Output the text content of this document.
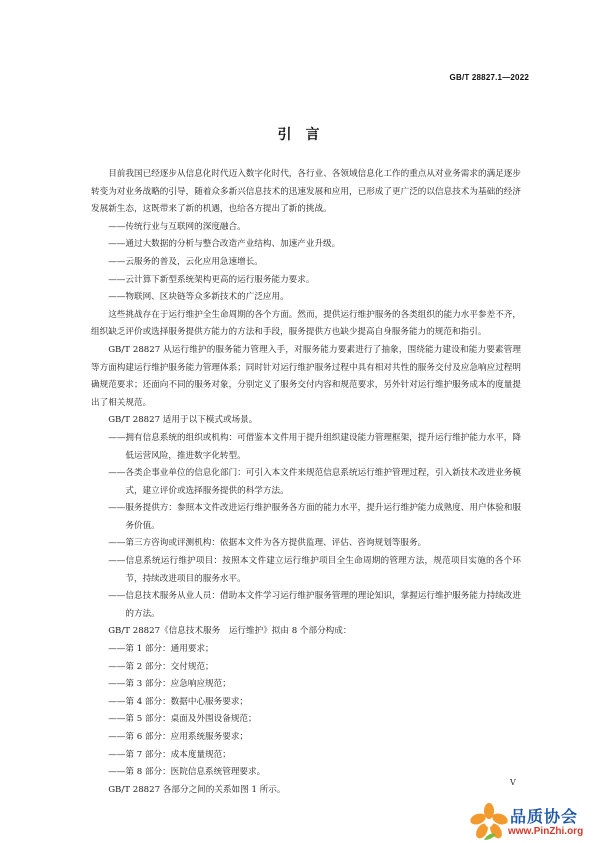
GB/T 28827.1—2022
引　言

目前我国已经逐步从信息化时代迈入数字化时代，各行业、各领域信息化工作的重点从对业务需求的满足逐步转变为对业务战略的引导，随着众多新兴信息技术的迅速发展和应用，已形成了更广泛的以信息技术为基础的经济发展新生态，这既带来了新的机遇，也给各方提出了新的挑战。

——传统行业与互联网的深度融合。

——通过大数据的分析与整合改造产业结构、加速产业升级。

——云服务的普及，云化应用急速增长。

——云计算下新型系统架构更高的运行服务能力要求。

——物联网、区块链等众多新技术的广泛应用。

这些挑战存在于运行维护全生命周期的各个方面。然而，提供运行维护服务的各类组织的能力水平参差不齐，组织缺乏评价或选择服务提供方能力的方法和手段，服务提供方也缺少提高自身服务能力的规范和指引。

GB/T 28827 从运行维护的服务能力管理入手，对服务能力要素进行了抽象，围绕能力建设和能力要素管理等方面构建运行维护服务能力管理体系；同时针对运行维护服务过程中具有相对共性的服务交付及应急响应过程明确规范要求；还面向不同的服务对象，分别定义了服务交付内容和规范要求，另外针对运行维护服务成本的度量提出了相关规范。

GB/T 28827 适用于以下模式或场景。

——拥有信息系统的组织或机构：可借鉴本文件用于提升组织建设能力管理框架，提升运行维护能力水平，降低运营风险，推进数字化转型。

——各类企事业单位的信息化部门：可引入本文件来规范信息系统运行维护管理过程，引入新技术改进业务模式，建立评价或选择服务提供的科学方法。

——服务提供方：参照本文件改进运行维护服务各方面的能力水平，提升运行维护能力成熟度、用户体验和服务价值。

——第三方咨询或评测机构：依据本文件为各方提供监理、评估、咨询规划等服务。

——信息系统运行维护项目：按照本文件建立运行维护项目全生命周期的管理方法，规范项目实施的各个环节，持续改进项目的服务水平。

——信息技术服务从业人员：借助本文件学习运行维护服务管理的理论知识，掌握运行维护服务能力持续改进的方法。

GB/T 28827《信息技术服务　运行维护》拟由 8 个部分构成：

——第 1 部分：通用要求；

——第 2 部分：交付规范；

——第 3 部分：应急响应规范；

——第 4 部分：数据中心服务要求；

——第 5 部分：桌面及外围设备规范；

——第 6 部分：应用系统服务要求；

——第 7 部分：成本度量规范；

——第 8 部分：医院信息系统管理要求。

GB/T 28827 各部分之间的关系如图 1 所示。

V
品质协会
www.PinZhi.org
